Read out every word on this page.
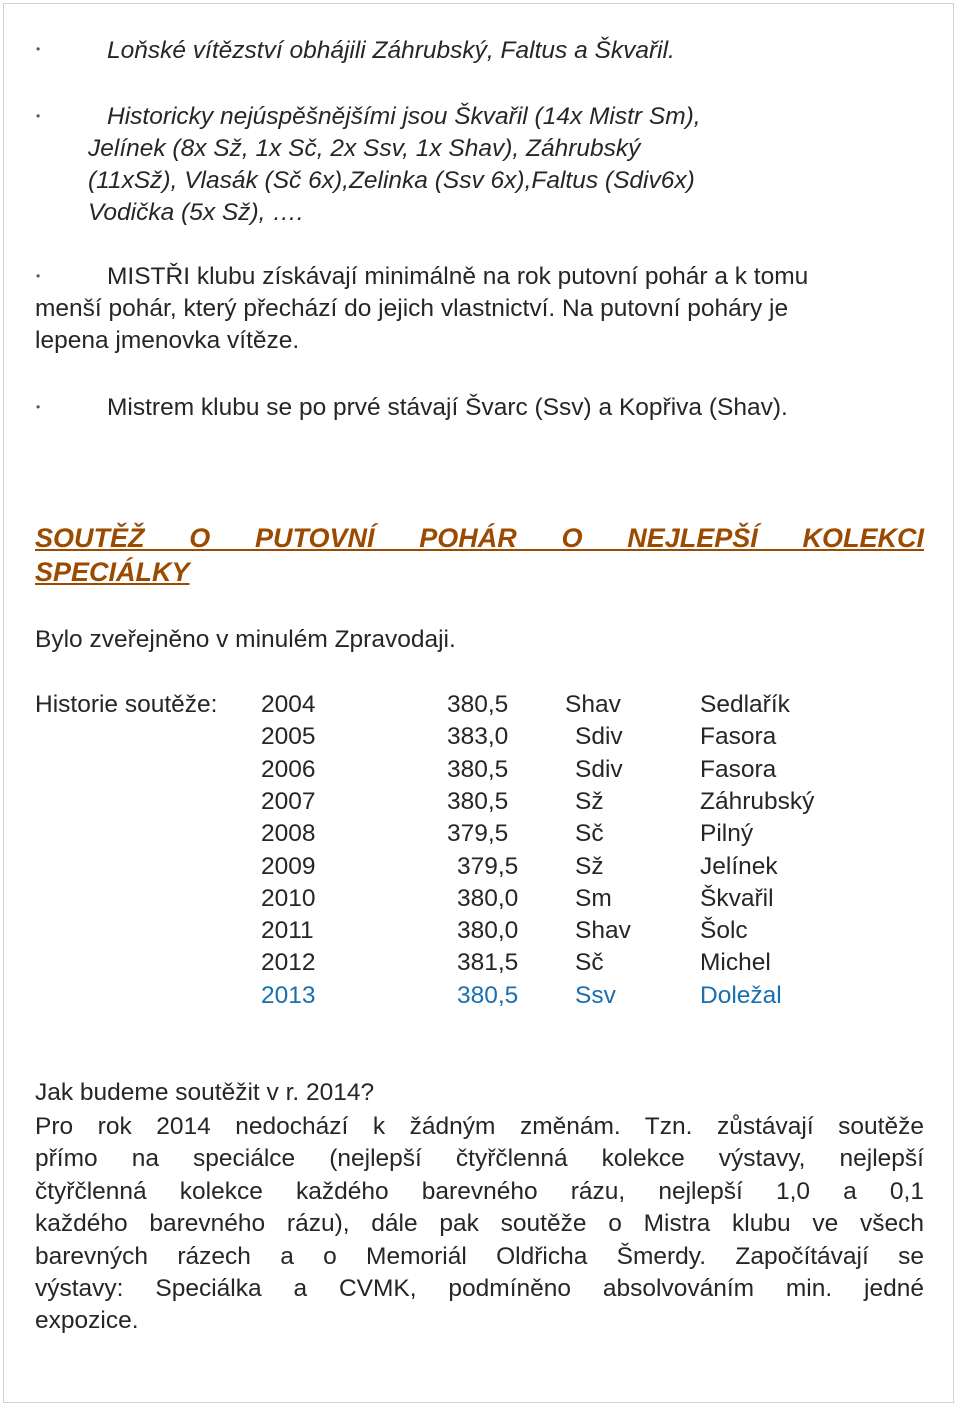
•	Loňské vítězství obhájili Záhrubský, Faltus a Škvařil.
•	Historicky nejúspěšnějšími jsou Škvařil (14x Mistr Sm),
Jelínek (8x Sž, 1x Sč, 2x Ssv, 1x Shav), Záhrubský
(11xSž), Vlasák (Sč 6x),Zelinka (Ssv 6x),Faltus (Sdiv6x)
Vodička (5x Sž), ….
•	MISTŘI klubu získávají minimálně na rok putovní pohár a k tomu
menší pohár, který přechází do jejich vlastnictví. Na putovní poháry je
lepena jmenovka vítěze.
•	Mistrem klubu se po prvé stávají Švarc (Ssv) a Kopřiva (Shav).
SOUTĚŽ O PUTOVNÍ POHÁR O NEJLEPŠÍ KOLEKCI
SPECIÁLKY
Bylo zveřejněno v minulém Zpravodaji.
Historie soutěže: 2004	380,5 Shav	Sedlařík
2005	383,0	Sdiv	Fasora
2006	380,5	Sdiv	Fasora
2007	380,5	Sž	Záhrubský
2008	379,5	Sč	Pilný
2009	379,5 Sž	Jelínek
2010	380,0 Sm	Škvařil
2011	380,0 Shav	Šolc
2012	381,5 Sč	Michel
2013	380,5 Ssv	Doležal
Jak budeme soutěžit v r. 2014?
Pro rok 2014 nedochází k žádným změnám. Tzn. zůstávají soutěže
přímo na speciálce (nejlepší čtyřčlenná kolekce výstavy, nejlepší
čtyřčlenná kolekce každého barevného rázu, nejlepší 1,0 a 0,1
každého barevného rázu), dále pak soutěže o Mistra klubu ve všech
barevných rázech a o Memoriál Oldřicha Šmerdy. Započítávají se
výstavy: Speciálka a CVMK, podmíněno absolvováním min. jedné
expozice.
